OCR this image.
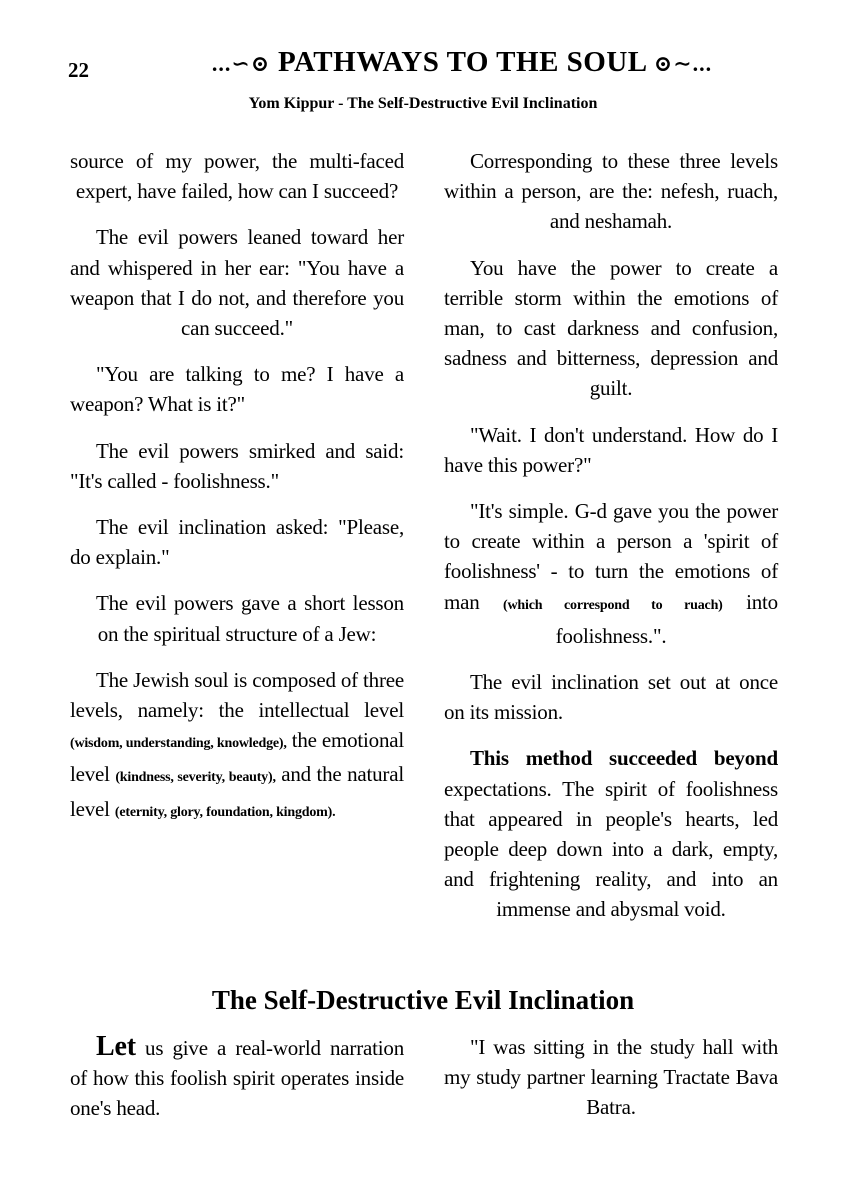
22	...∽⊙ PATHWAYS TO THE SOUL ⊙∼...
Yom Kippur - The Self-Destructive Evil Inclination

source of my power, the multi-faced expert, have failed, how can I succeed?

The evil powers leaned toward her and whispered in her ear: "You have a weapon that I do not, and therefore you can succeed."

"You are talking to me? I have a weapon? What is it?"

The evil powers smirked and said: "It's called - foolishness."

The evil inclination asked: "Please, do explain."

The evil powers gave a short lesson on the spiritual structure of a Jew:

The Jewish soul is composed of three levels, namely: the intellectual level (wisdom, understanding, knowledge), the emotional level (kindness, severity, beauty), and the natural level (eternity, glory, foundation, kingdom).

Corresponding to these three levels within a person, are the: nefesh, ruach, and neshamah.

You have the power to create a terrible storm within the emotions of man, to cast darkness and confusion, sadness and bitterness, depression and guilt.

"Wait. I don't understand. How do I have this power?"

"It's simple. G-d gave you the power to create within a person a 'spirit of foolishness' - to turn the emotions of man (which correspond to ruach) into foolishness.".

The evil inclination set out at once on its mission.

This method succeeded beyond expectations. The spirit of foolishness that appeared in people's hearts, led people deep down into a dark, empty, and frightening reality, and into an immense and abysmal void.

The Self-Destructive Evil Inclination

Let us give a real-world narration of how this foolish spirit operates inside one's head.

"I was sitting in the study hall with my study partner learning Tractate Bava Batra.
